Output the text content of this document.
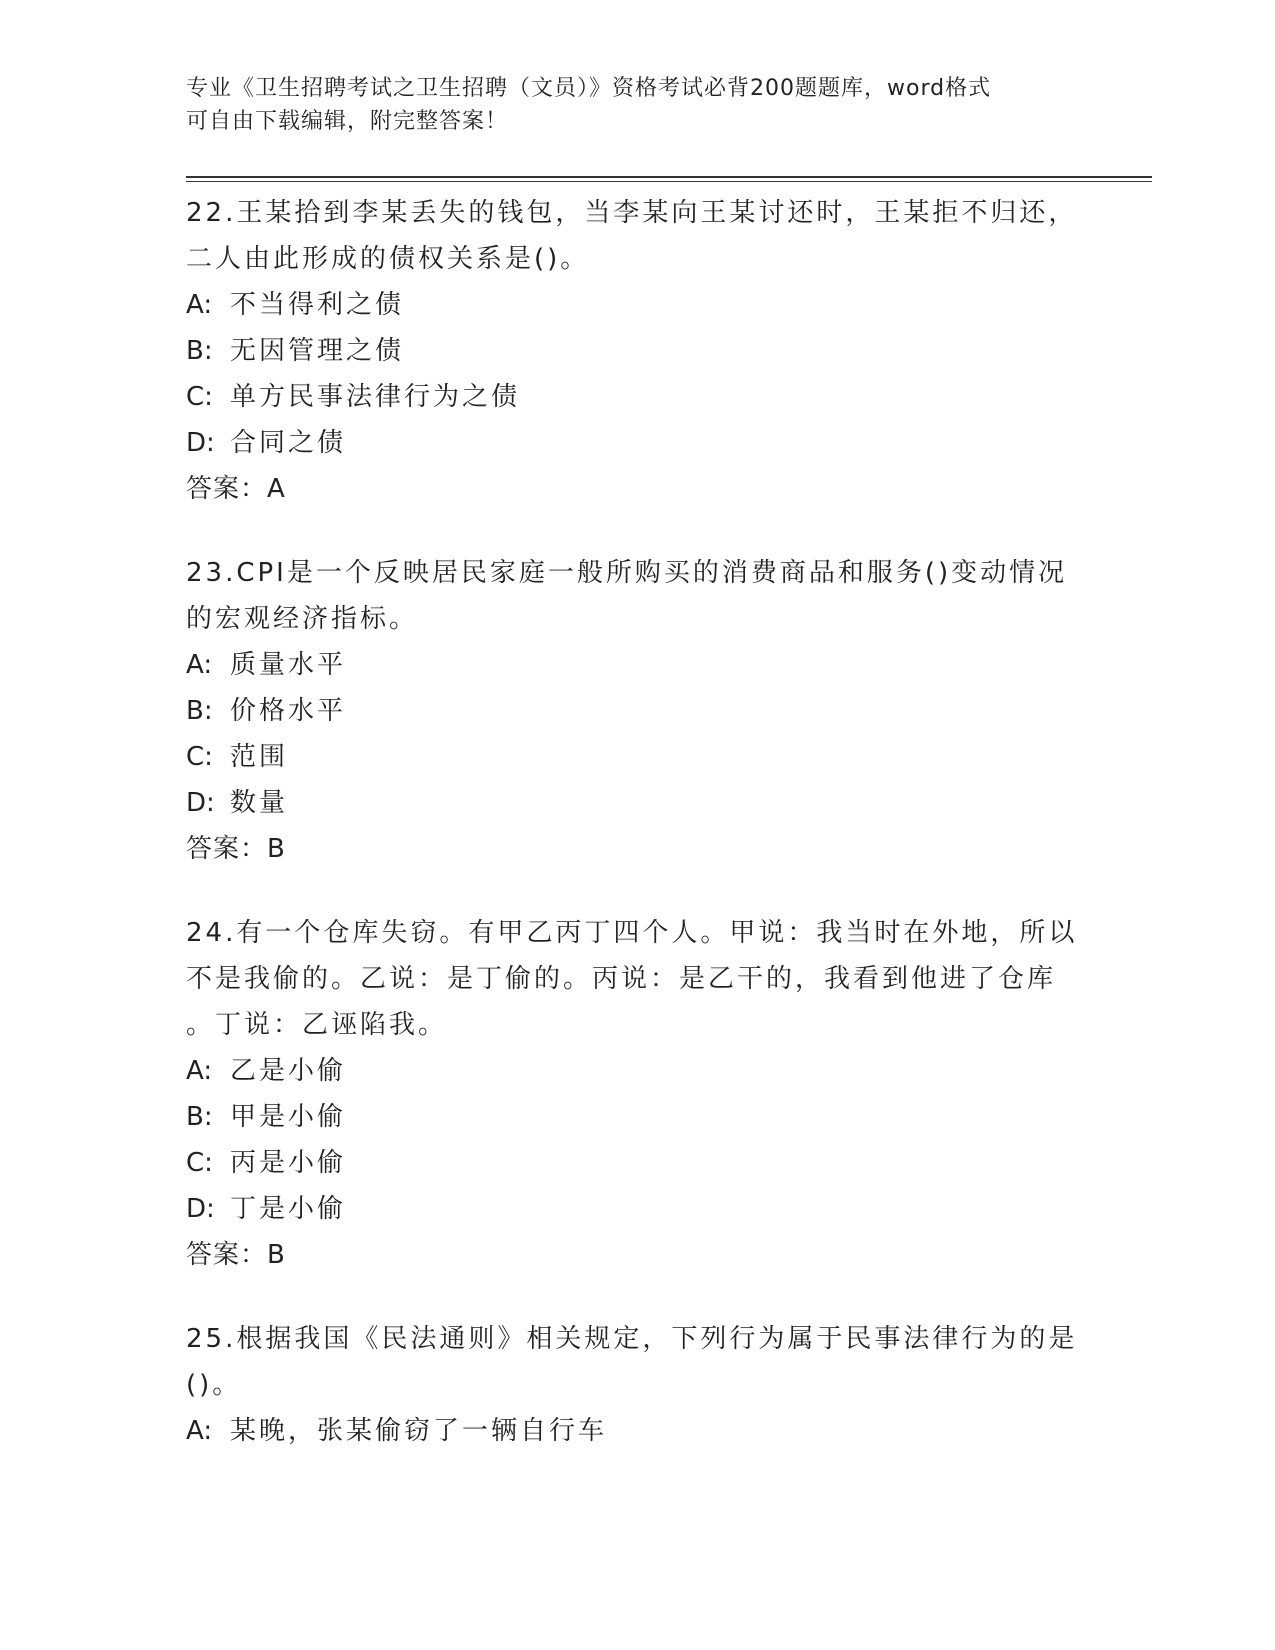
专业《卫生招聘考试之卫生招聘（文员）》资格考试必背200题题库，word格式
可自由下载编辑，附完整答案！

22.王某拾到李某丢失的钱包，当李某向王某讨还时，王某拒不归还，

二人由此形成的债权关系是()。

A: 不当得利之债

B: 无因管理之债

C: 单方民事法律行为之债

D: 合同之债

答案：A

23.CPI是一个反映居民家庭一般所购买的消费商品和服务()变动情况

的宏观经济指标。

A: 质量水平

B: 价格水平

C: 范围

D: 数量

答案：B

24.有一个仓库失窃。有甲乙丙丁四个人。甲说：我当时在外地，所以

不是我偷的。乙说：是丁偷的。丙说：是乙干的，我看到他进了仓库

。丁说：乙诬陷我。

A: 乙是小偷

B: 甲是小偷

C: 丙是小偷

D: 丁是小偷

答案：B

25.根据我国《民法通则》相关规定，下列行为属于民事法律行为的是

()。

A: 某晚，张某偷窃了一辆自行车
